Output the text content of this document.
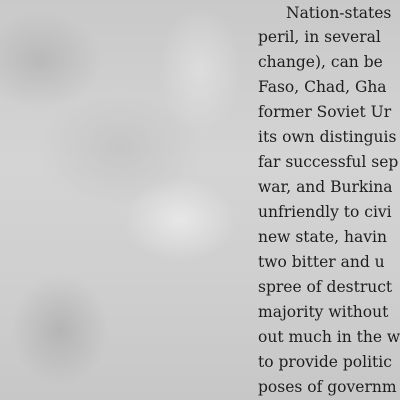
Nation-states
peril, in several
change), can be
Faso, Chad, Gha
former Soviet Ur
its own distinguis
far successful sep
war, and Burkina
unfriendly to civi
new state, havin
two bitter and u
spree of destruct
majority without
out much in the w
to provide politic
poses of governm
